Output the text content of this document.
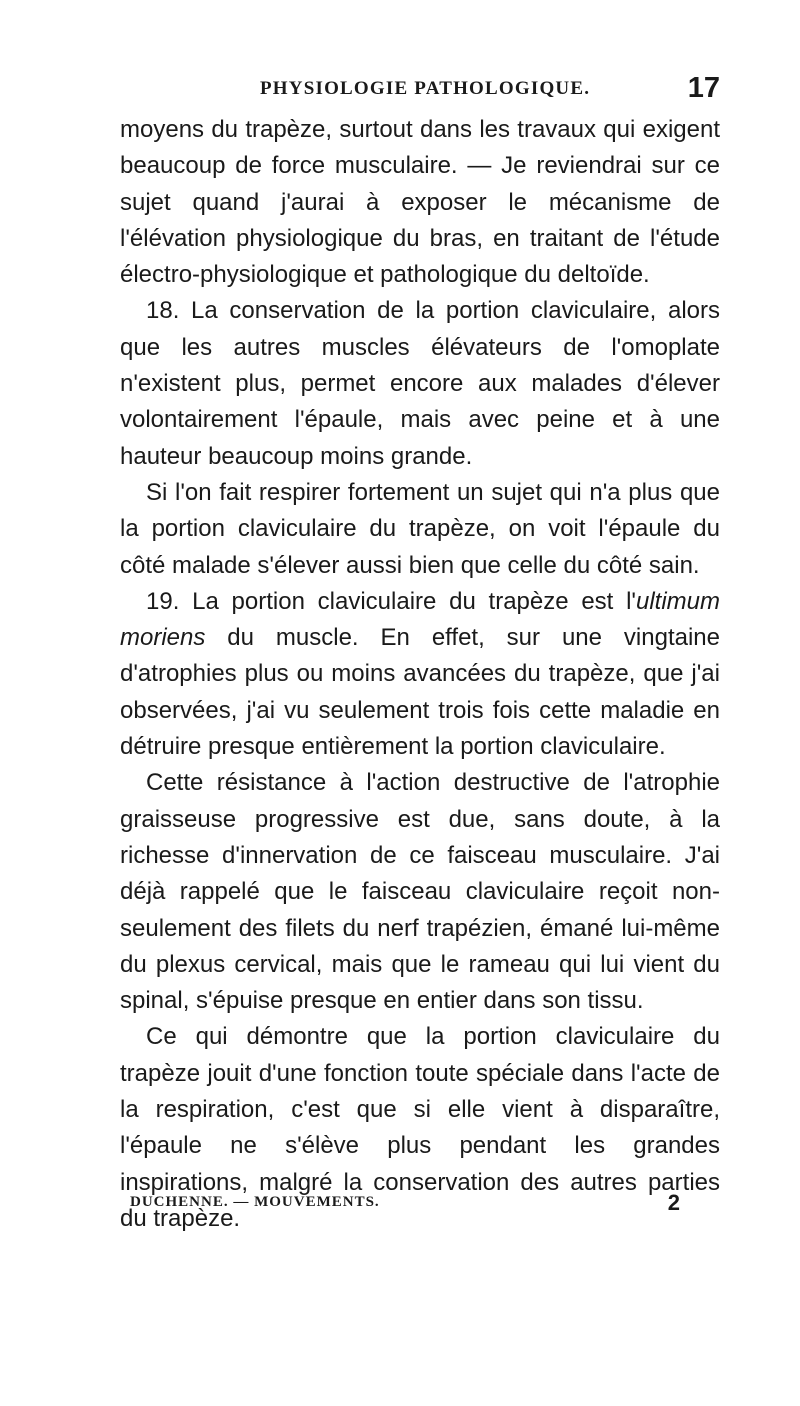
PHYSIOLOGIE PATHOLOGIQUE.	17

moyens du trapèze, surtout dans les travaux qui exigent beaucoup de force musculaire. — Je reviendrai sur ce sujet quand j'aurai à exposer le mécanisme de l'élévation physiologique du bras, en traitant de l'étude électro-physiologique et pathologique du deltoïde.

18. La conservation de la portion claviculaire, alors que les autres muscles élévateurs de l'omoplate n'existent plus, permet encore aux malades d'élever volontairement l'épaule, mais avec peine et à une hauteur beaucoup moins grande.

Si l'on fait respirer fortement un sujet qui n'a plus que la portion claviculaire du trapèze, on voit l'épaule du côté malade s'élever aussi bien que celle du côté sain.

19. La portion claviculaire du trapèze est l'ultimum moriens du muscle. En effet, sur une vingtaine d'atrophies plus ou moins avancées du trapèze, que j'ai observées, j'ai vu seulement trois fois cette maladie en détruire presque entièrement la portion claviculaire.

Cette résistance à l'action destructive de l'atrophie graisseuse progressive est due, sans doute, à la richesse d'innervation de ce faisceau musculaire. J'ai déjà rappelé que le faisceau claviculaire reçoit non-seulement des filets du nerf trapézien, émané lui-même du plexus cervical, mais que le rameau qui lui vient du spinal, s'épuise presque en entier dans son tissu.

Ce qui démontre que la portion claviculaire du trapèze jouit d'une fonction toute spéciale dans l'acte de la respiration, c'est que si elle vient à disparaître, l'épaule ne s'élève plus pendant les grandes inspirations, malgré la conservation des autres parties du trapèze.

DUCHENNE. — MOUVEMENTS.	2
